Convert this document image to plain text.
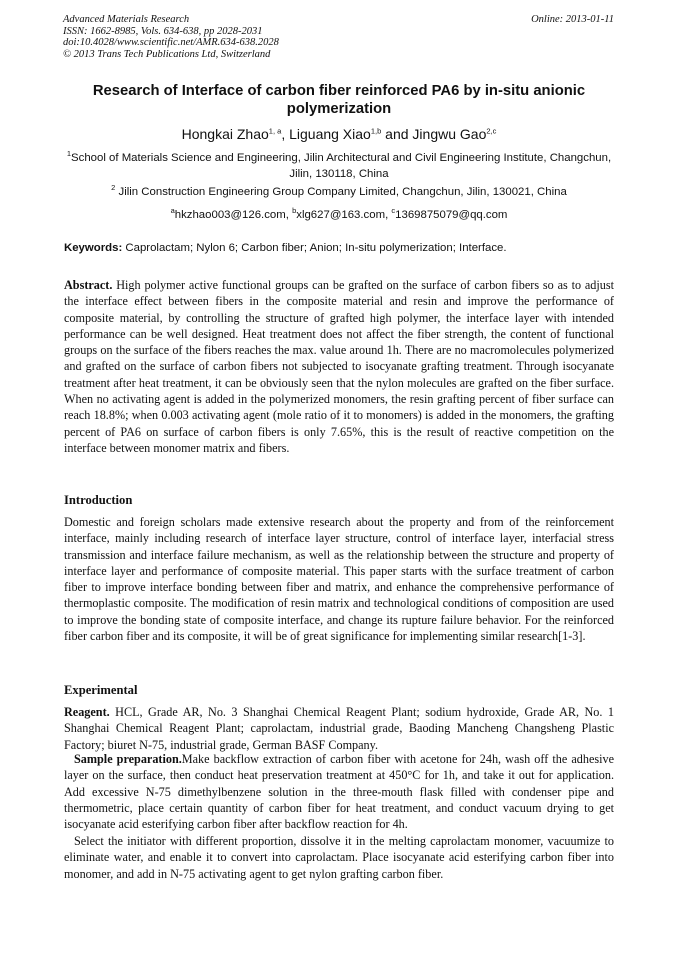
Advanced Materials Research
ISSN: 1662-8985, Vols. 634-638, pp 2028-2031
doi:10.4028/www.scientific.net/AMR.634-638.2028
© 2013 Trans Tech Publications Ltd, Switzerland
Online: 2013-01-11
Research of Interface of carbon fiber reinforced PA6 by in-situ anionic polymerization
Hongkai Zhao$^{1, a}$, Liguang Xiao$^{1,b}$ and Jingwu Gao$^{2,c}$
$^1$School of Materials Science and Engineering, Jilin Architectural and Civil Engineering Institute, Changchun, Jilin, 130118, China
$^2$ Jilin Construction Engineering Group Company Limited, Changchun, Jilin, 130021, China
$^a$hkzhao003@126.com, $^b$xlg627@163.com, $^c$1369875079@qq.com
Keywords: Caprolactam; Nylon 6; Carbon fiber; Anion; In-situ polymerization; Interface.

Abstract. High polymer active functional groups can be grafted on the surface of carbon fibers so as to adjust the interface effect between fibers in the composite material and resin and improve the performance of composite material, by controlling the structure of grafted high polymer, the interface layer with intended performance can be well designed. Heat treatment does not affect the fiber strength, the content of functional groups on the surface of the fibers reaches the max. value around 1h. There are no macromolecules polymerized and grafted on the surface of carbon fibers not subjected to isocyanate grafting treatment. Through isocyanate treatment after heat treatment, it can be obviously seen that the nylon molecules are grafted on the fiber surface. When no activating agent is added in the polymerized monomers, the resin grafting percent of fiber surface can reach 18.8%; when 0.003 activating agent (mole ratio of it to monomers) is added in the monomers, the grafting percent of PA6 on surface of carbon fibers is only 7.65%, this is the result of reactive competition on the interface between monomer matrix and fibers.

Introduction

Domestic and foreign scholars made extensive research about the property and from of the reinforcement interface, mainly including research of interface layer structure, control of interface layer, interfacial stress transmission and interface failure mechanism, as well as the relationship between the structure and property of interface layer and performance of composite material. This paper starts with the surface treatment of carbon fiber to improve interface bonding between fiber and matrix, and enhance the comprehensive performance of thermoplastic composite. The modification of resin matrix and technological conditions of composition are used to improve the bonding state of composite interface, and change its rupture failure behavior. For the reinforced fiber carbon fiber and its composite, it will be of great significance for implementing similar research[1-3].

Experimental

Reagent. HCL, Grade AR, No. 3 Shanghai Chemical Reagent Plant; sodium hydroxide, Grade AR, No. 1 Shanghai Chemical Reagent Plant; caprolactam, industrial grade, Baoding Mancheng Changsheng Plastic Factory; biuret N-75, industrial grade, German BASF Company.

Sample preparation.Make backflow extraction of carbon fiber with acetone for 24h, wash off the adhesive layer on the surface, then conduct heat preservation treatment at 450°C for 1h, and take it out for application. Add excessive N-75 dimethylbenzene solution in the three-mouth flask filled with condenser pipe and thermometric, place certain quantity of carbon fiber for heat treatment, and conduct vacuum drying to get isocyanate acid esterifying carbon fiber after backflow reaction for 4h.

Select the initiator with different proportion, dissolve it in the melting caprolactam monomer, vacuumize to eliminate water, and enable it to convert into caprolactam. Place isocyanate acid esterifying carbon fiber into monomer, and add in N-75 activating agent to get nylon grafting carbon fiber.
